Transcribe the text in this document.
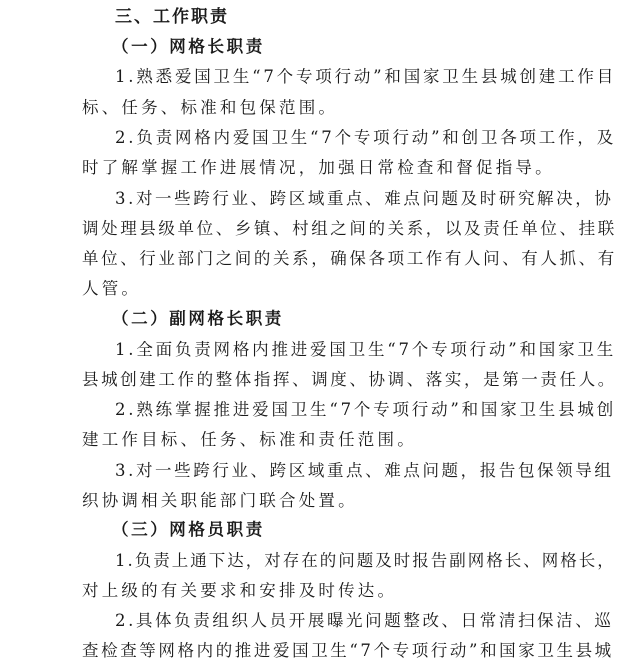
三、工作职责
（一）网格长职责
1.熟悉爱国卫生“7个专项行动”和国家卫生县城创建工作目
标、任务、标准和包保范围。
2.负责网格内爱国卫生“7个专项行动”和创卫各项工作，及
时了解掌握工作进展情况，加强日常检查和督促指导。
3.对一些跨行业、跨区域重点、难点问题及时研究解决，协
调处理县级单位、乡镇、村组之间的关系，以及责任单位、挂联
单位、行业部门之间的关系，确保各项工作有人问、有人抓、有
人管。
（二）副网格长职责
1.全面负责网格内推进爱国卫生“7个专项行动”和国家卫生
县城创建工作的整体指挥、调度、协调、落实，是第一责任人。
2.熟练掌握推进爱国卫生“7个专项行动”和国家卫生县城创
建工作目标、任务、标准和责任范围。
3.对一些跨行业、跨区域重点、难点问题，报告包保领导组
织协调相关职能部门联合处置。
（三）网格员职责
1.负责上通下达，对存在的问题及时报告副网格长、网格长，
对上级的有关要求和安排及时传达。
2.具体负责组织人员开展曝光问题整改、日常清扫保洁、巡
查检查等网格内的推进爱国卫生“7个专项行动”和国家卫生县城
